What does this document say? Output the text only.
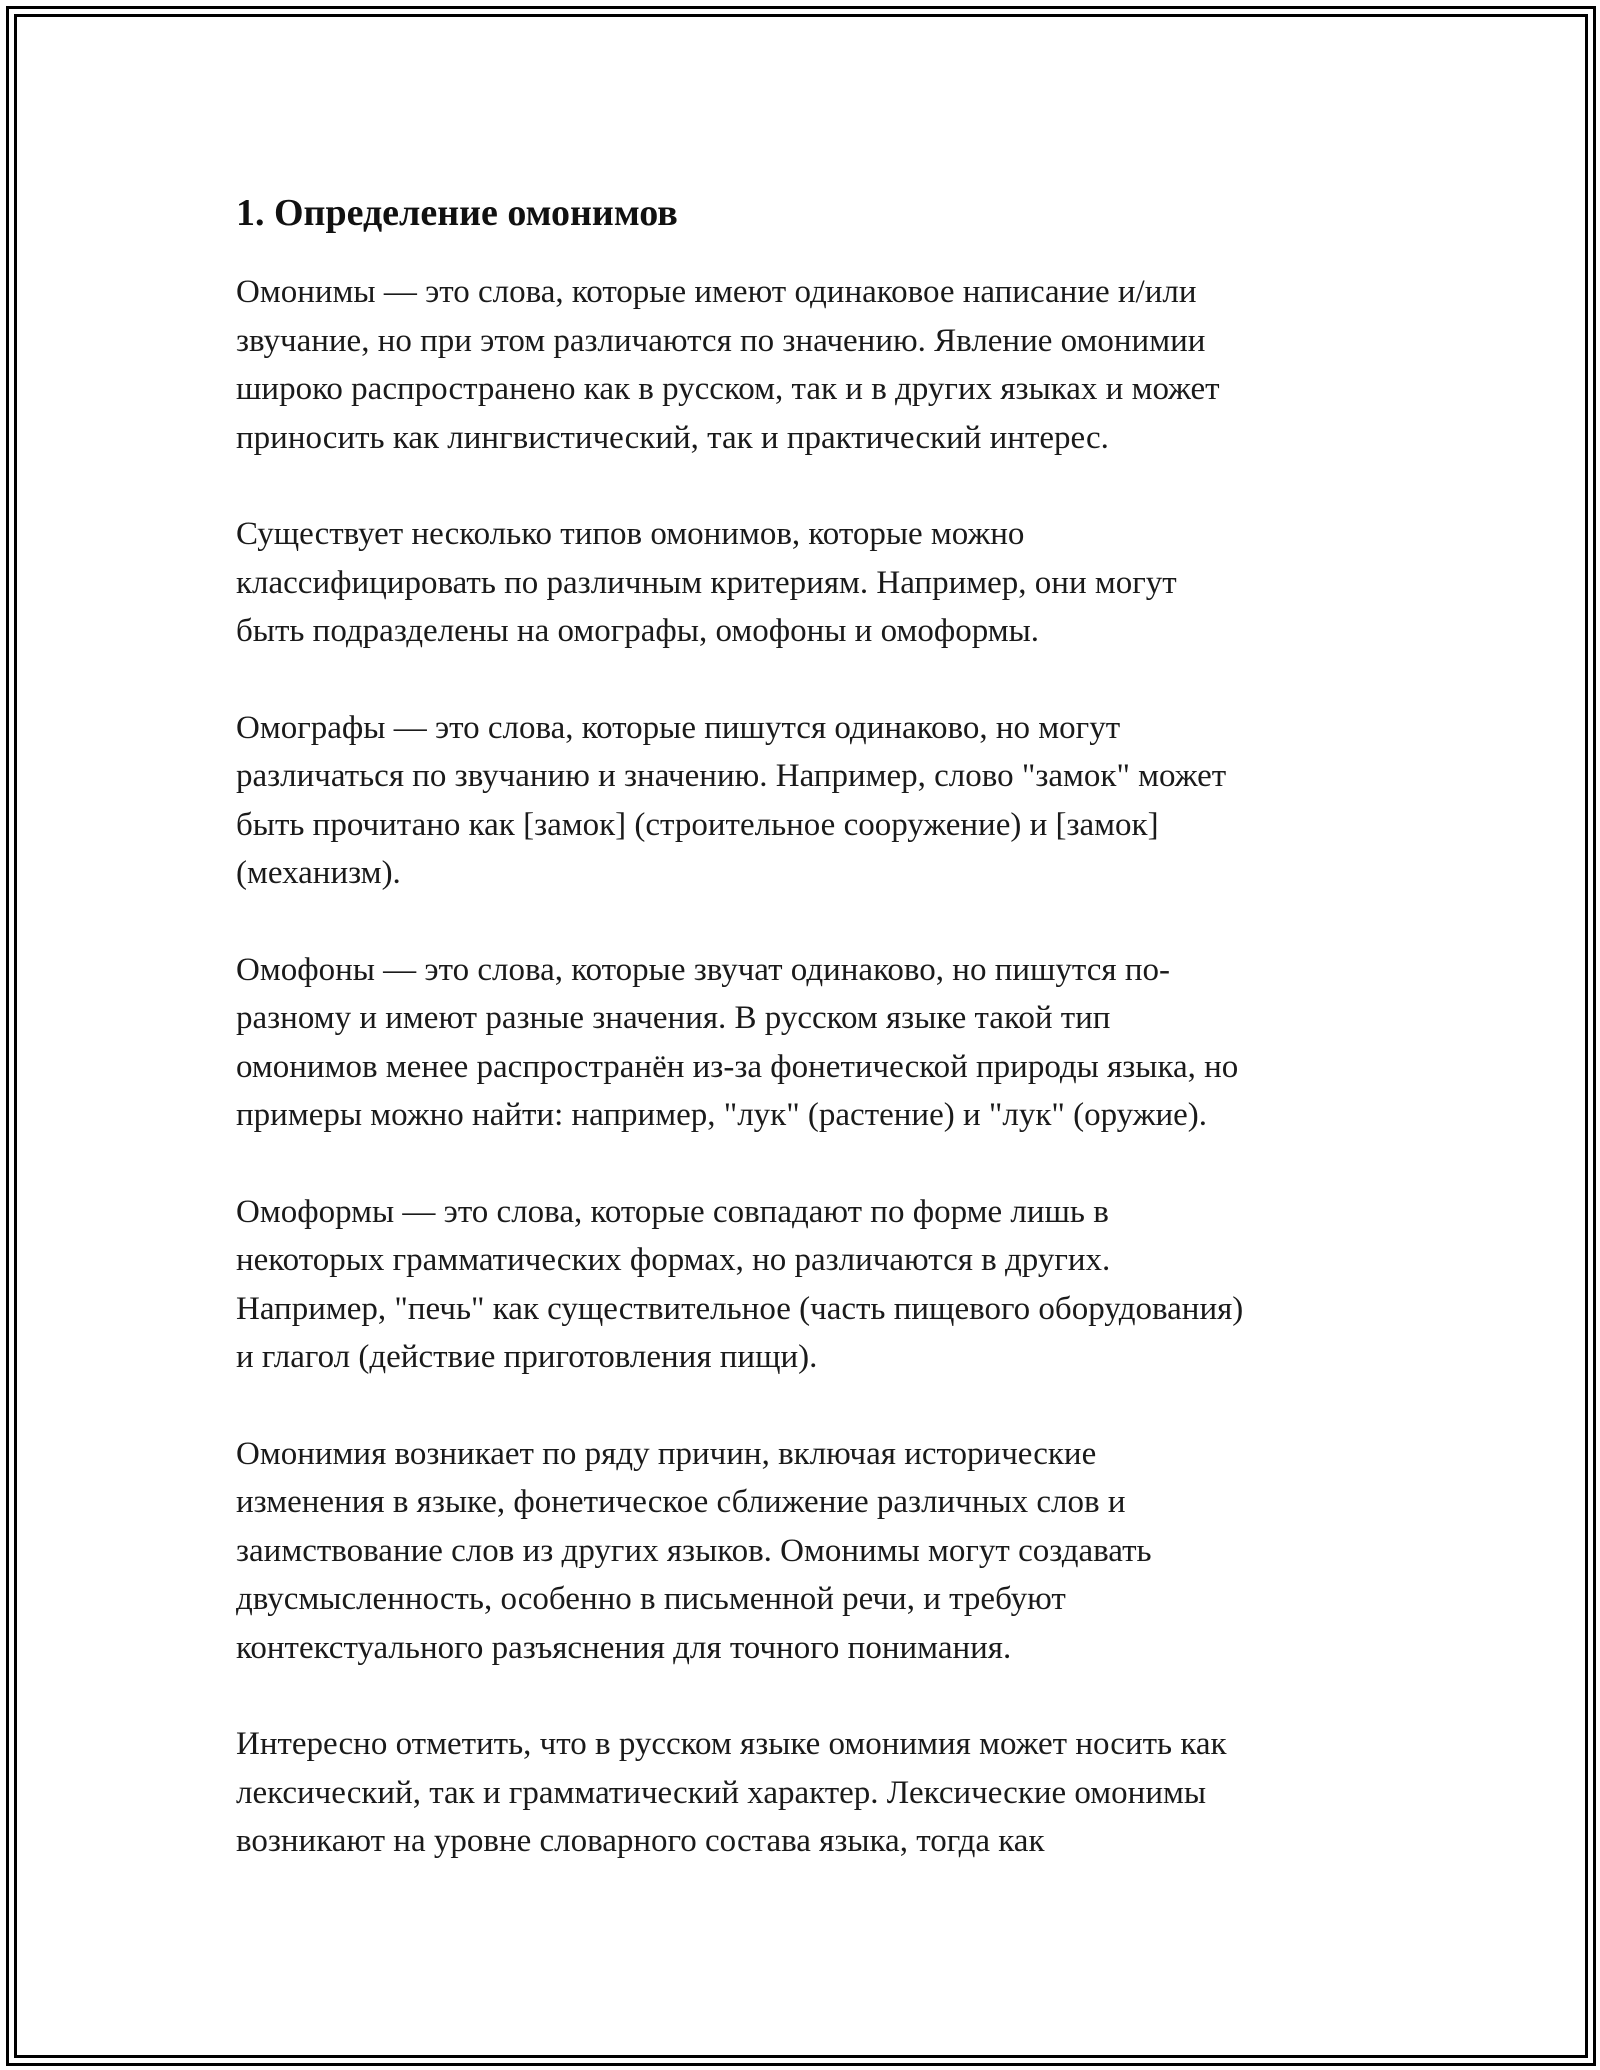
1. Определение омонимов

Омонимы — это слова, которые имеют одинаковое написание и/или
звучание, но при этом различаются по значению. Явление омонимии
широко распространено как в русском, так и в других языках и может
приносить как лингвистический, так и практический интерес.

Существует несколько типов омонимов, которые можно
классифицировать по различным критериям. Например, они могут
быть подразделены на омографы, омофоны и омоформы.

Омографы — это слова, которые пишутся одинаково, но могут
различаться по звучанию и значению. Например, слово "замок" может
быть прочитано как [замок] (строительное сооружение) и [замок]
(механизм).

Омофоны — это слова, которые звучат одинаково, но пишутся по-
разному и имеют разные значения. В русском языке такой тип
омонимов менее распространён из-за фонетической природы языка, но
примеры можно найти: например, "лук" (растение) и "лук" (оружие).

Омоформы — это слова, которые совпадают по форме лишь в
некоторых грамматических формах, но различаются в других.
Например, "печь" как существительное (часть пищевого оборудования)
и глагол (действие приготовления пищи).

Омонимия возникает по ряду причин, включая исторические
изменения в языке, фонетическое сближение различных слов и
заимствование слов из других языков. Омонимы могут создавать
двусмысленность, особенно в письменной речи, и требуют
контекстуального разъяснения для точного понимания.

Интересно отметить, что в русском языке омонимия может носить как
лексический, так и грамматический характер. Лексические омонимы
возникают на уровне словарного состава языка, тогда как
